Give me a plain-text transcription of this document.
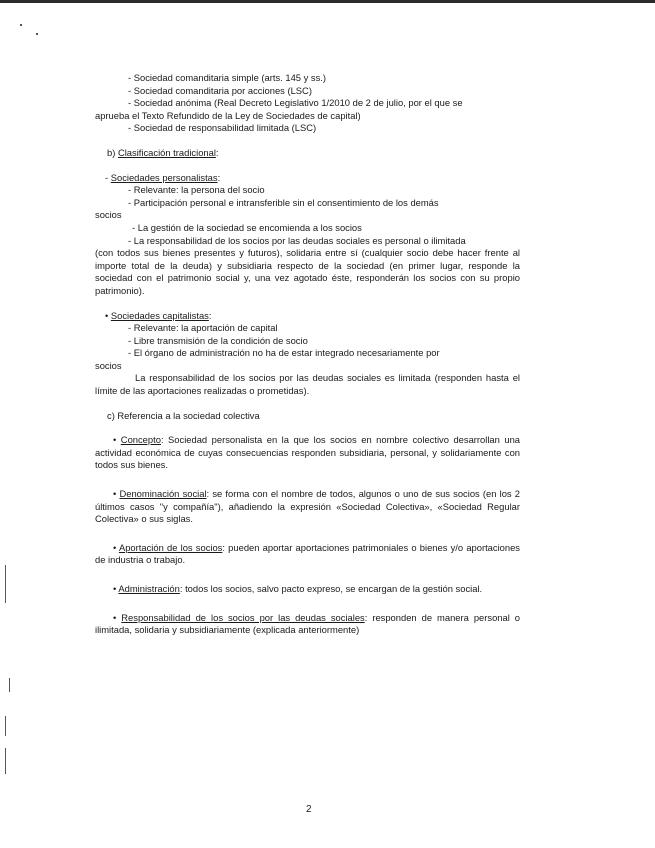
- Sociedad comanditaria simple (arts. 145 y ss.)
- Sociedad comanditaria por acciones (LSC)
- Sociedad anónima (Real Decreto Legislativo 1/2010 de 2 de julio, por el que se
aprueba el Texto Refundido de la Ley de Sociedades de capital)
- Sociedad de responsabilidad limitada (LSC)
b) Clasificación tradicional:
- Sociedades personalistas:
- Relevante: la persona del socio
- Participación personal e intransferible sin el consentimiento de los demás
socios
- La gestión de la sociedad se encomienda a los socios
- La responsabilidad de los socios por las deudas sociales es personal o ilimitada
(con todos sus bienes presentes y futuros), solidaria entre sí (cualquier socio debe hacer frente al importe total de la deuda) y subsidiaria respecto de la sociedad (en primer lugar, responde la sociedad con el patrimonio social y, una vez agotado éste, responderán los socios con su propio patrimonio).
• Sociedades capitalistas:
- Relevante: la aportación de capital
- Libre transmisión de la condición de socio
- El órgano de administración no ha de estar integrado necesariamente por
socios
La responsabilidad de los socios por las deudas sociales es limitada (responden hasta el límite de las aportaciones realizadas o prometidas).
c) Referencia a la sociedad colectiva
• Concepto: Sociedad personalista en la que los socios en nombre colectivo desarrollan una actividad económica de cuyas consecuencias responden subsidiaria, personal, y solidariamente con todos sus bienes.
• Denominación social: se forma con el nombre de todos, algunos o uno de sus socios (en los 2 últimos casos "y compañía"), añadiendo la expresión «Sociedad Colectiva», «Sociedad Regular Colectiva» o sus siglas.
• Aportación de los socios: pueden aportar aportaciones patrimoniales o bienes y/o aportaciones de industria o trabajo.
• Administración: todos los socios, salvo pacto expreso, se encargan de la gestión social.
• Responsabilidad de los socios por las deudas sociales: responden de manera personal o ilimitada, solidaria y subsidiariamente (explicada anteriormente)
2
